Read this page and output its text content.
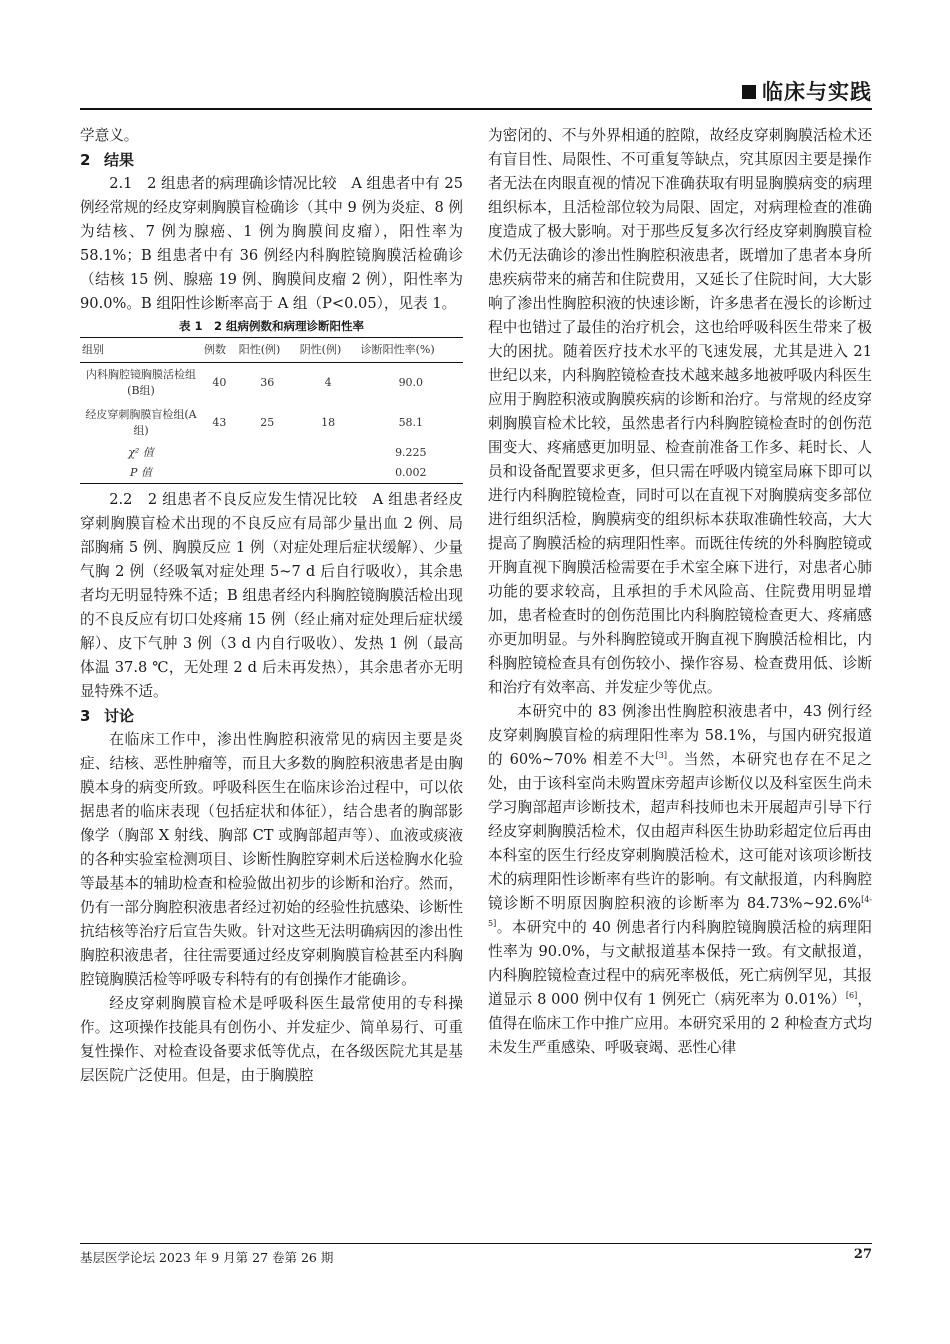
临床与实践

学意义。

2 结果

2.1　2 组患者的病理确诊情况比较　A 组患者中有 25 例经常规的经皮穿刺胸膜盲检确诊（其中 9 例为炎症、8 例为结核、7 例为腺癌、1 例为胸膜间皮瘤），阳性率为 58.1%；B 组患者中有 36 例经内科胸腔镜胸膜活检确诊（结核 15 例、腺癌 19 例、胸膜间皮瘤 2 例），阳性率为 90.0%。B 组阳性诊断率高于 A 组（P<0.05），见表 1。

表 1　2 组病例数和病理诊断阳性率
组别	例数	阳性(例)	阴性(例)	诊断阳性率(%)
内科胸腔镜胸膜活检组(B组)	40	36	4	90.0
经皮穿刺胸膜盲检组(A 组)	43	25	18	58.1
χ² 值				9.225
P 值				0.002

2.2　2 组患者不良反应发生情况比较　A 组患者经皮穿刺胸膜盲检术出现的不良反应有局部少量出血 2 例、局部胸痛 5 例、胸膜反应 1 例（对症处理后症状缓解）、少量气胸 2 例（经吸氧对症处理 5~7 d 后自行吸收），其余患者均无明显特殊不适；B 组患者经内科胸腔镜胸膜活检出现的不良反应有切口处疼痛 15 例（经止痛对症处理后症状缓解）、皮下气肿 3 例（3 d 内自行吸收）、发热 1 例（最高体温 37.8 ℃，无处理 2 d 后未再发热），其余患者亦无明显特殊不适。

3 讨论

在临床工作中，渗出性胸腔积液常见的病因主要是炎症、结核、恶性肿瘤等，而且大多数的胸腔积液患者是由胸膜本身的病变所致。呼吸科医生在临床诊治过程中，可以依据患者的临床表现（包括症状和体征），结合患者的胸部影像学（胸部 X 射线、胸部 CT 或胸部超声等）、血液或痰液的各种实验室检测项目、诊断性胸腔穿刺术后送检胸水化验等最基本的辅助检查和检验做出初步的诊断和治疗。然而，仍有一部分胸腔积液患者经过初始的经验性抗感染、诊断性抗结核等治疗后宣告失败。针对这些无法明确病因的渗出性胸腔积液患者，往往需要通过经皮穿刺胸膜盲检甚至内科胸腔镜胸膜活检等呼吸专科特有的有创操作才能确诊。

经皮穿刺胸膜盲检术是呼吸科医生最常使用的专科操作。这项操作技能具有创伤小、并发症少、简单易行、可重复性操作、对检查设备要求低等优点，在各级医院尤其是基层医院广泛使用。但是，由于胸膜腔

为密闭的、不与外界相通的腔隙，故经皮穿刺胸膜活检术还有盲目性、局限性、不可重复等缺点，究其原因主要是操作者无法在肉眼直视的情况下准确获取有明显胸膜病变的病理组织标本，且活检部位较为局限、固定，对病理检查的准确度造成了极大影响。对于那些反复多次行经皮穿刺胸膜盲检术仍无法确诊的渗出性胸腔积液患者，既增加了患者本身所患疾病带来的痛苦和住院费用，又延长了住院时间，大大影响了渗出性胸腔积液的快速诊断，许多患者在漫长的诊断过程中也错过了最佳的治疗机会，这也给呼吸科医生带来了极大的困扰。随着医疗技术水平的飞速发展，尤其是进入 21 世纪以来，内科胸腔镜检查技术越来越多地被呼吸内科医生应用于胸腔积液或胸膜疾病的诊断和治疗。与常规的经皮穿刺胸膜盲检术比较，虽然患者行内科胸腔镜检查时的创伤范围变大、疼痛感更加明显、检查前准备工作多、耗时长、人员和设备配置要求更多，但只需在呼吸内镜室局麻下即可以进行内科胸腔镜检查，同时可以在直视下对胸膜病变多部位进行组织活检，胸膜病变的组织标本获取准确性较高，大大提高了胸膜活检的病理阳性率。而既往传统的外科胸腔镜或开胸直视下胸膜活检需要在手术室全麻下进行，对患者心肺功能的要求较高，且承担的手术风险高、住院费用明显增加，患者检查时的创伤范围比内科胸腔镜检查更大、疼痛感亦更加明显。与外科胸腔镜或开胸直视下胸膜活检相比，内科胸腔镜检查具有创伤较小、操作容易、检查费用低、诊断和治疗有效率高、并发症少等优点。

本研究中的 83 例渗出性胸腔积液患者中，43 例行经皮穿刺胸膜盲检的病理阳性率为 58.1%，与国内研究报道的 60%~70% 相差不大[3]。当然，本研究也存在不足之处，由于该科室尚未购置床旁超声诊断仪以及科室医生尚未学习胸部超声诊断技术，超声科技师也未开展超声引导下行经皮穿刺胸膜活检术，仅由超声科医生协助彩超定位后再由本科室的医生行经皮穿刺胸膜活检术，这可能对该项诊断技术的病理阳性诊断率有些许的影响。有文献报道，内科胸腔镜诊断不明原因胸腔积液的诊断率为 84.73%~92.6%[4-5]。本研究中的 40 例患者行内科胸腔镜胸膜活检的病理阳性率为 90.0%，与文献报道基本保持一致。有文献报道，内科胸腔镜检查过程中的病死率极低，死亡病例罕见，其报道显示 8 000 例中仅有 1 例死亡（病死率为 0.01%）[6]，值得在临床工作中推广应用。本研究采用的 2 种检查方式均未发生严重感染、呼吸衰竭、恶性心律

基层医学论坛 2023 年 9 月第 27 卷第 26 期	27
